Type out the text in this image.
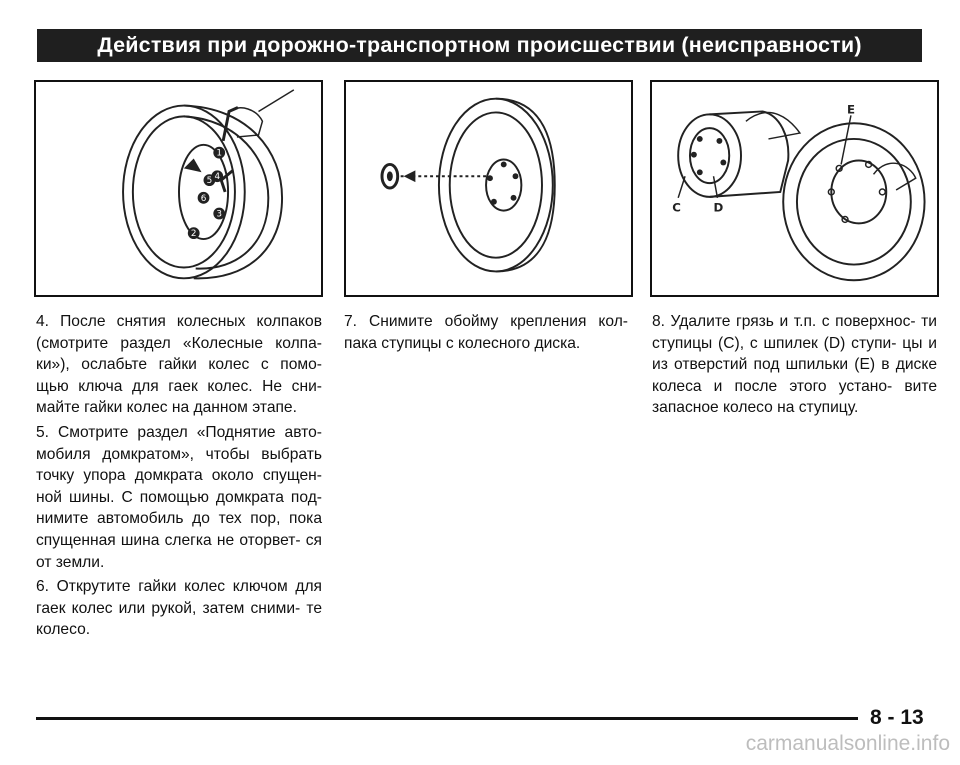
Действия при дорожно-транспортном происшествии (неисправности)
1
2
3
4
5
6
C	D
E

4. После снятия колесных колпаков (смотрите раздел «Колесные колпа- ки»), ослабьте гайки колес с помо- щью ключа для гаек колес. Не сни- майте гайки колес на данном этапе.

5. Смотрите раздел «Поднятие авто- мобиля домкратом», чтобы выбрать точку упора домкрата около спущен- ной шины. С помощью домкрата под- нимите автомобиль до тех пор, пока спущенная шина слегка не оторвет- ся от земли.

6. Открутите гайки колес ключом для гаек колес или рукой, затем сними- те колесо.

7. Снимите обойму крепления кол- пака ступицы с колесного диска.

8. Удалите грязь и т.п. с поверхнос- ти ступицы (C), с шпилек (D) ступи- цы и из отверстий под шпильки (E) в диске колеса и после этого устано- вите запасное колесо на ступицу.

8 - 13
carmanualsonline.info
